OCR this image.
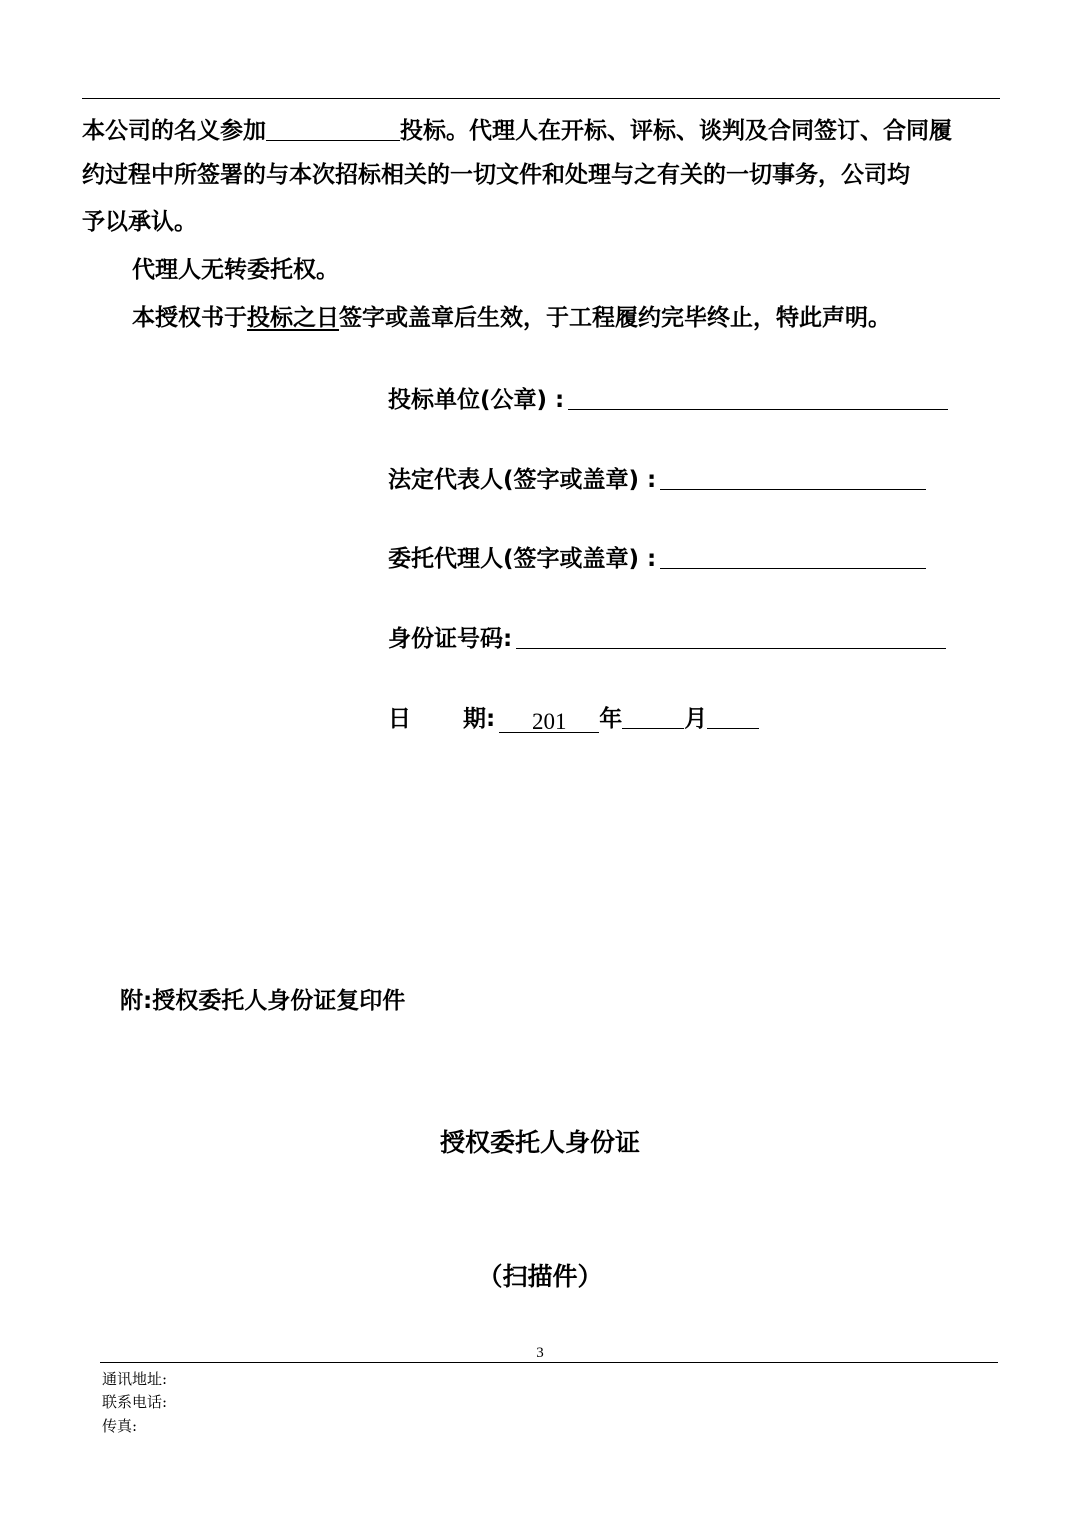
本公司的名义参加	投标。代理人在开标、评标、谈判及合同签订、合同履
约过程中所签署的与本次招标相关的一切文件和处理与之有关的一切事务，公司均
予以承认。
代理人无转委托权。
本授权书于投标之日签字或盖章后生效，于工程履约完毕终止，特此声明。
投标单位(公章) :
法定代表人(签字或盖章) :
委托代理人(签字或盖章) :
身份证号码:
日 期: 201 年	月
附:授权委托人身份证复印件
授权委托人身份证
（扫描件）
3
通讯地址:
联系电话:
传真:
